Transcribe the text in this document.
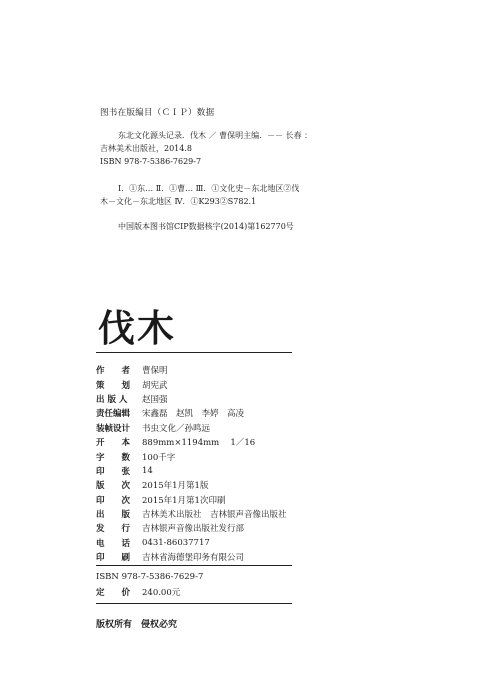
图书在版编目（ＣＩＰ）数据
东北文化源头记录．伐木 ／ 曹保明主编．－－ 长春 ：
吉林美术出版社，2014.8
ISBN 978-7-5386-7629-7
Ⅰ．①东… Ⅱ．①曹… Ⅲ．①文化史－东北地区②伐
木－文化－东北地区 Ⅳ．①K293②S782.1
中国版本图书馆CIP数据核字(2014)第162770号
伐木
作　　者	曹保明
策　　划	胡宪武
出 版 人	赵国强
责任编辑	宋鑫磊　赵凯　李婷　高凌
装帧设计	书虫文化／孙鸣远
开　　本	889mm×1194mm　 1／16
字　　数	100千字
印　　张	14
版　　次	2015年1月第1版
印　　次	2015年1月第1次印刷
出　　版	吉林美术出版社　吉林银声音像出版社
发　　行	吉林银声音像出版社发行部
电　　话	0431-86037717
印　　刷	吉林省海德堡印务有限公司
ISBN 978-7-5386-7629-7
定　　价	240.00元
版权所有　侵权必究
